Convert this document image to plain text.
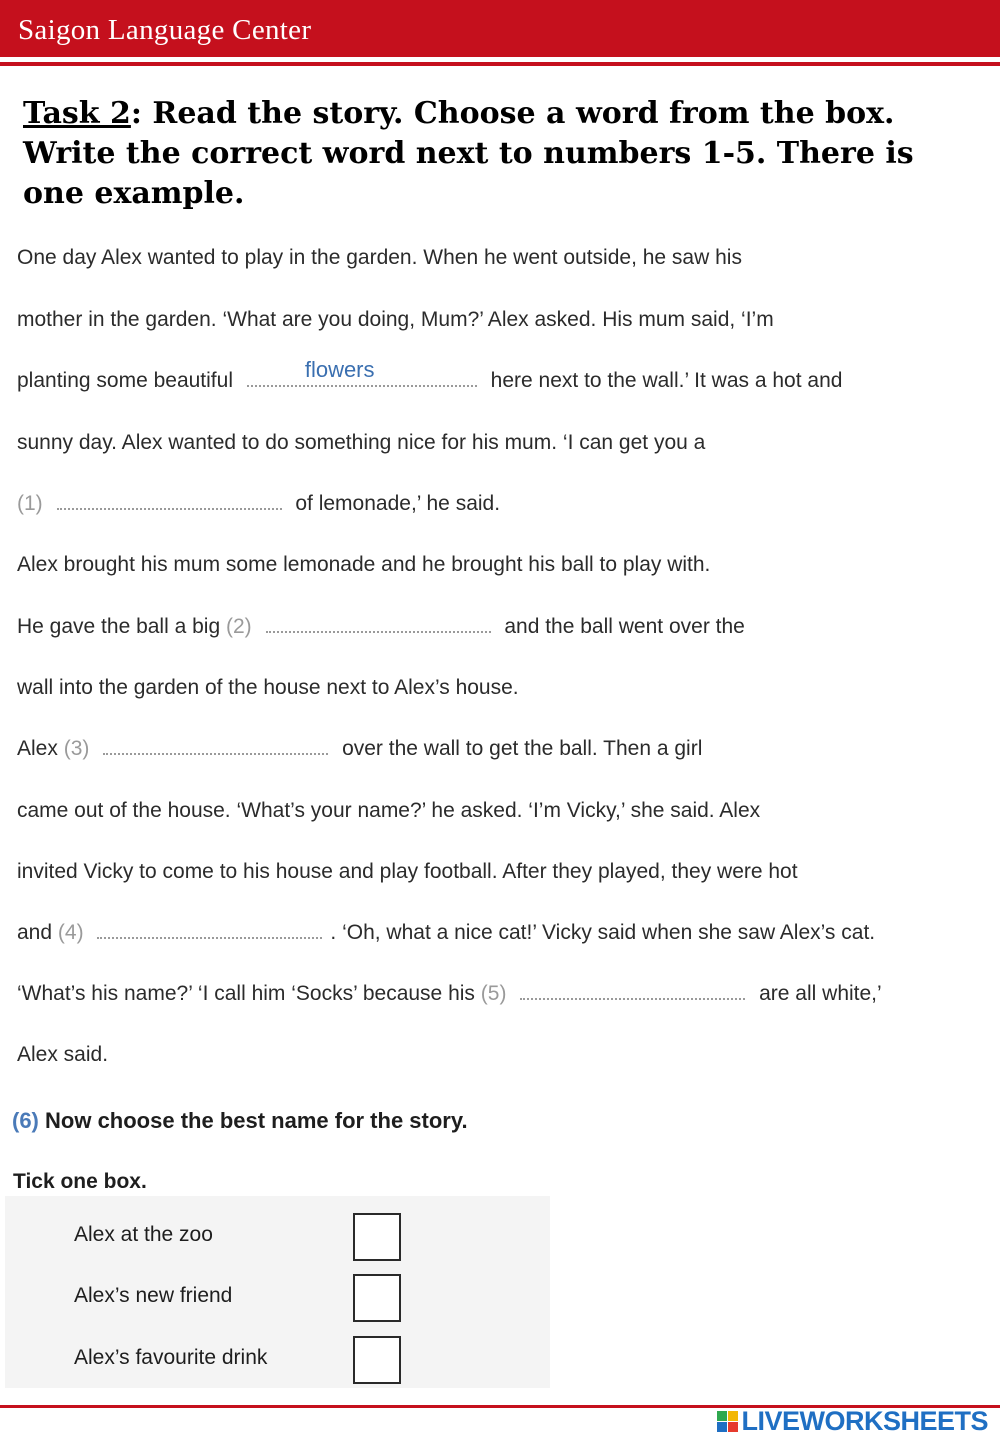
Saigon Language Center
Task 2: Read the story. Choose a word from the box. Write the correct word next to numbers 1-5. There is one example.
One day Alex wanted to play in the garden. When he went outside, he saw his
mother in the garden. ‘What are you doing, Mum?’ Alex asked. His mum said, ‘I’m
planting some beautiful	flowers	here next to the wall.’ It was a hot and
sunny day. Alex wanted to do something nice for his mum. ‘I can get you a
(1)	of lemonade,’ he said.
Alex brought his mum some lemonade and he brought his ball to play with.
He gave the ball a big (2)	and the ball went over the
wall into the garden of the house next to Alex’s house.
Alex (3)	over the wall to get the ball. Then a girl
came out of the house. ‘What’s your name?’ he asked. ‘I’m Vicky,’ she said. Alex
invited Vicky to come to his house and play football. After they played, they were hot
and (4)	. ‘Oh, what a nice cat!’ Vicky said when she saw Alex’s cat.
‘What’s his name?’ ‘I call him ‘Socks’ because his (5)	are all white,’
Alex said.
(6) Now choose the best name for the story.
Tick one box.
Alex at the zoo
Alex’s new friend
Alex’s favourite drink
LIVEWORKSHEETS
